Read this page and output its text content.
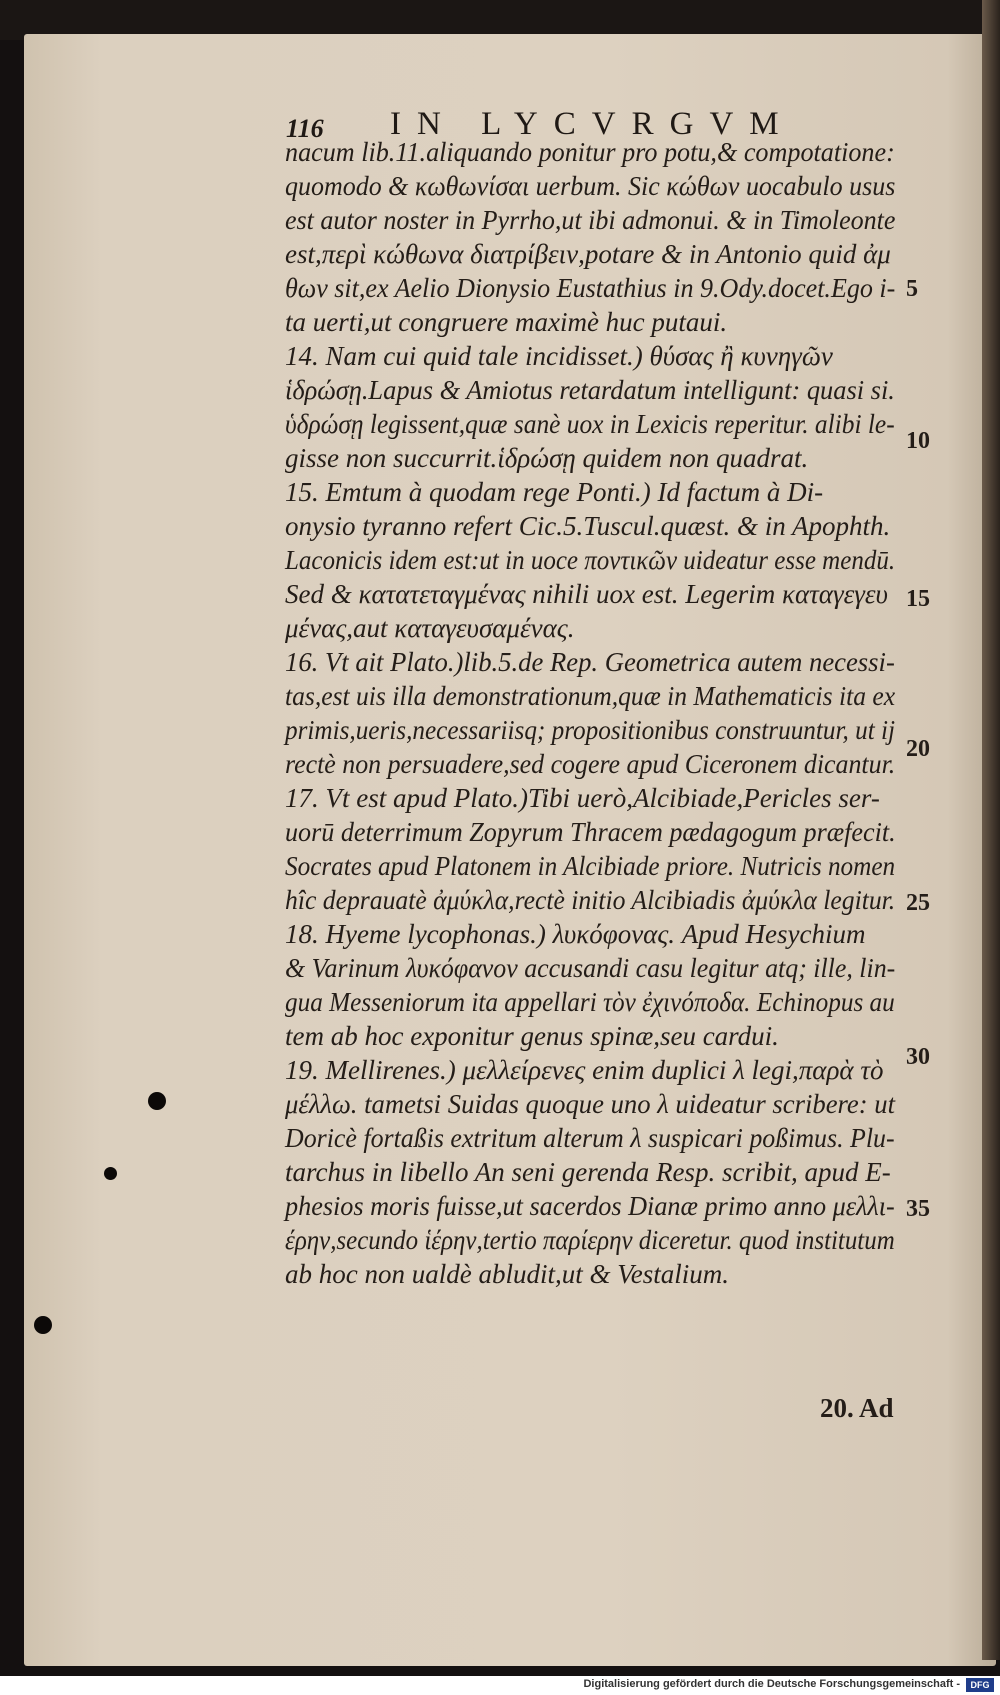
116 IN LYCVRGVM
nacum lib.11.aliquando ponitur pro potu,& compotatione:
quomodo & κωθωνίσαι uerbum. Sic κώθων uocabulo usus
est autor noster in Pyrrho,ut ibi admonui. & in Timoleonte
est,περὶ κώθωνα διατρίβειν,potare & in Antonio quid ἀμ
θων sit,ex Aelio Dionysio Eustathius in 9.Ody.docet.Ego i-
ta uerti,ut congruere maximè huc putaui.
14. Nam cui quid tale incidisset.) θύσας ἢ κυνηγῶν
ἱδρώσῃ.Lapus & Amiotus retardatum intelligunt: quasi si.
ὑδρώσῃ legissent,quæ sanè uox in Lexicis reperitur. alibi le-
gisse non succurrit.ἱδρώσῃ quidem non quadrat.
15. Emtum à quodam rege Ponti.) Id factum à Di-
onysio tyranno refert Cic.5.Tuscul.quæst. & in Apophth.
Laconicis idem est:ut in uoce ποντικῶν uideatur esse mendū.
Sed & κατατεταγμένας nihili uox est. Legerim καταγεγευ
μένας,aut καταγευσαμένας.
16. Vt ait Plato.)lib.5.de Rep. Geometrica autem necessi-
tas,est uis illa demonstrationum,quæ in Mathematicis ita ex
primis,ueris,necessariisq; propositionibus construuntur, ut ij
rectè non persuadere,sed cogere apud Ciceronem dicantur.
17. Vt est apud Plato.)Tibi uerò,Alcibiade,Pericles ser-
uorū deterrimum Zopyrum Thracem pædagogum præfecit.
Socrates apud Platonem in Alcibiade priore. Nutricis nomen
hîc deprauatè ἀμύκλα,rectè initio Alcibiadis ἀμύκλα legitur.
18. Hyeme lycophonas.) λυκόφονας. Apud Hesychium
& Varinum λυκόφανον accusandi casu legitur atq; ille, lin-
gua Messeniorum ita appellari τὸν ἐχινόποδα. Echinopus au
tem ab hoc exponitur genus spinæ,seu cardui.
19. Mellirenes.) μελλείρενες enim duplici λ legi,παρὰ τὸ
μέλλω. tametsi Suidas quoque uno λ uideatur scribere: ut
Doricè fortaßis extritum alterum λ suspicari poßimus. Plu-
tarchus in libello An seni gerenda Resp. scribit, apud E-
phesios moris fuisse,ut sacerdos Dianæ primo anno μελλι-
έρην,secundo ἱέρην,tertio παρίερην diceretur. quod institutum
ab hoc non ualdè abludit,ut & Vestalium.
5
10
15
20
25
30
35
20. Ad
Digitalisierung gefördert durch die Deutsche Forschungsgemeinschaft -	DFG
